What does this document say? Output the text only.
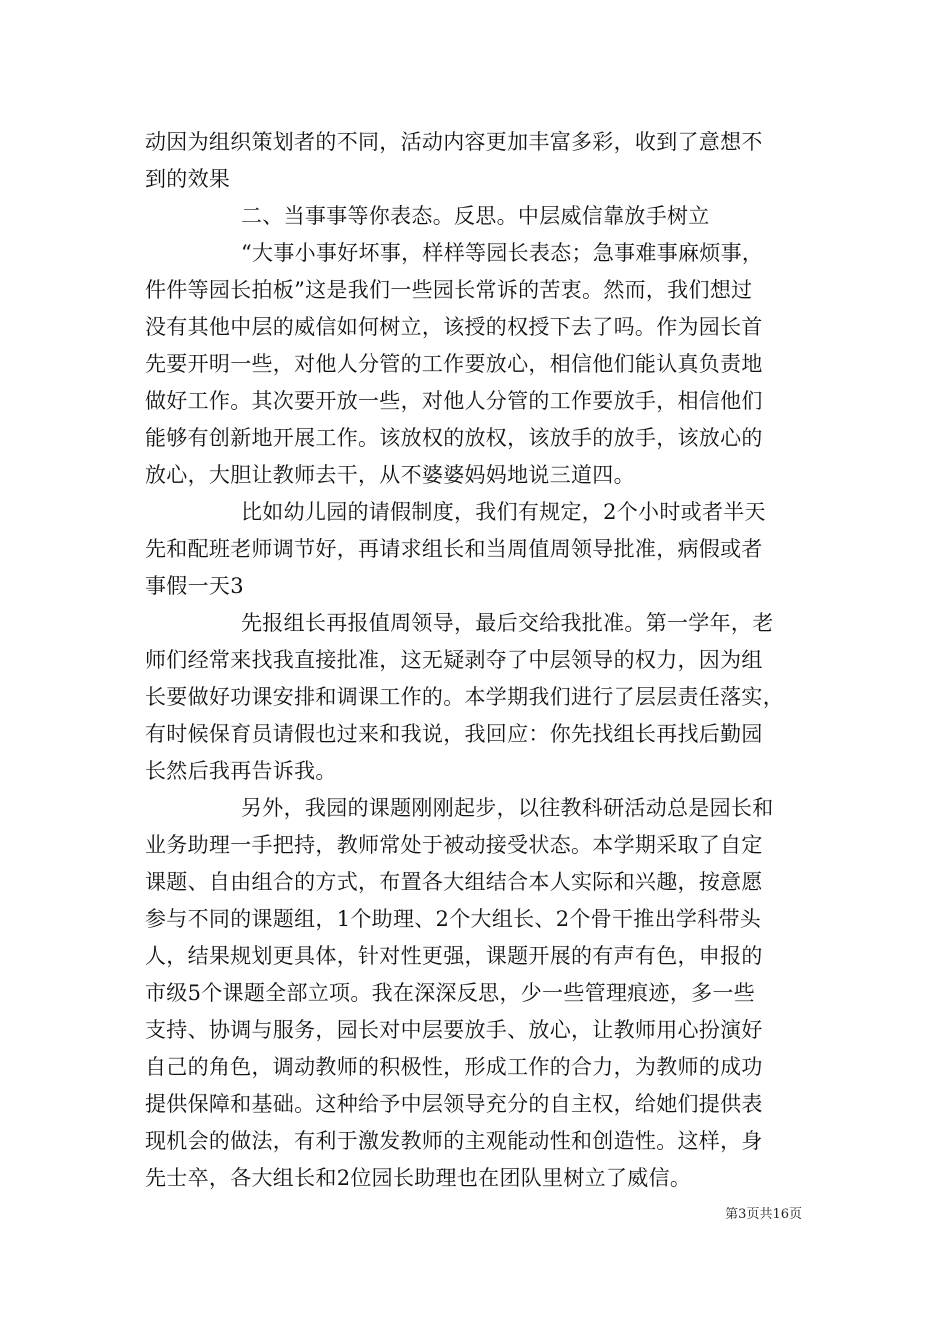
动因为组织策划者的不同，活动内容更加丰富多彩，收到了意想不
到的效果
二、当事事等你表态。反思。中层威信靠放手树立
“大事小事好坏事，样样等园长表态；急事难事麻烦事，
件件等园长拍板”这是我们一些园长常诉的苦衷。然而，我们想过
没有其他中层的威信如何树立，该授的权授下去了吗。作为园长首
先要开明一些，对他人分管的工作要放心，相信他们能认真负责地
做好工作。其次要开放一些，对他人分管的工作要放手，相信他们
能够有创新地开展工作。该放权的放权，该放手的放手，该放心的
放心，大胆让教师去干，从不婆婆妈妈地说三道四。
比如幼儿园的请假制度，我们有规定，2个小时或者半天
先和配班老师调节好，再请求组长和当周值周领导批准，病假或者
事假一天3
先报组长再报值周领导，最后交给我批准。第一学年，老
师们经常来找我直接批准，这无疑剥夺了中层领导的权力，因为组
长要做好功课安排和调课工作的。本学期我们进行了层层责任落实，
有时候保育员请假也过来和我说，我回应：你先找组长再找后勤园
长然后我再告诉我。
另外，我园的课题刚刚起步，以往教科研活动总是园长和
业务助理一手把持，教师常处于被动接受状态。本学期采取了自定
课题、自由组合的方式，布置各大组结合本人实际和兴趣，按意愿
参与不同的课题组，1个助理、2个大组长、2个骨干推出学科带头
人，结果规划更具体，针对性更强，课题开展的有声有色，申报的
市级5个课题全部立项。我在深深反思，少一些管理痕迹，多一些
支持、协调与服务，园长对中层要放手、放心，让教师用心扮演好
自己的角色，调动教师的积极性，形成工作的合力，为教师的成功
提供保障和基础。这种给予中层领导充分的自主权，给她们提供表
现机会的做法，有利于激发教师的主观能动性和创造性。这样，身
先士卒，各大组长和2位园长助理也在团队里树立了威信。
第3页共16页
